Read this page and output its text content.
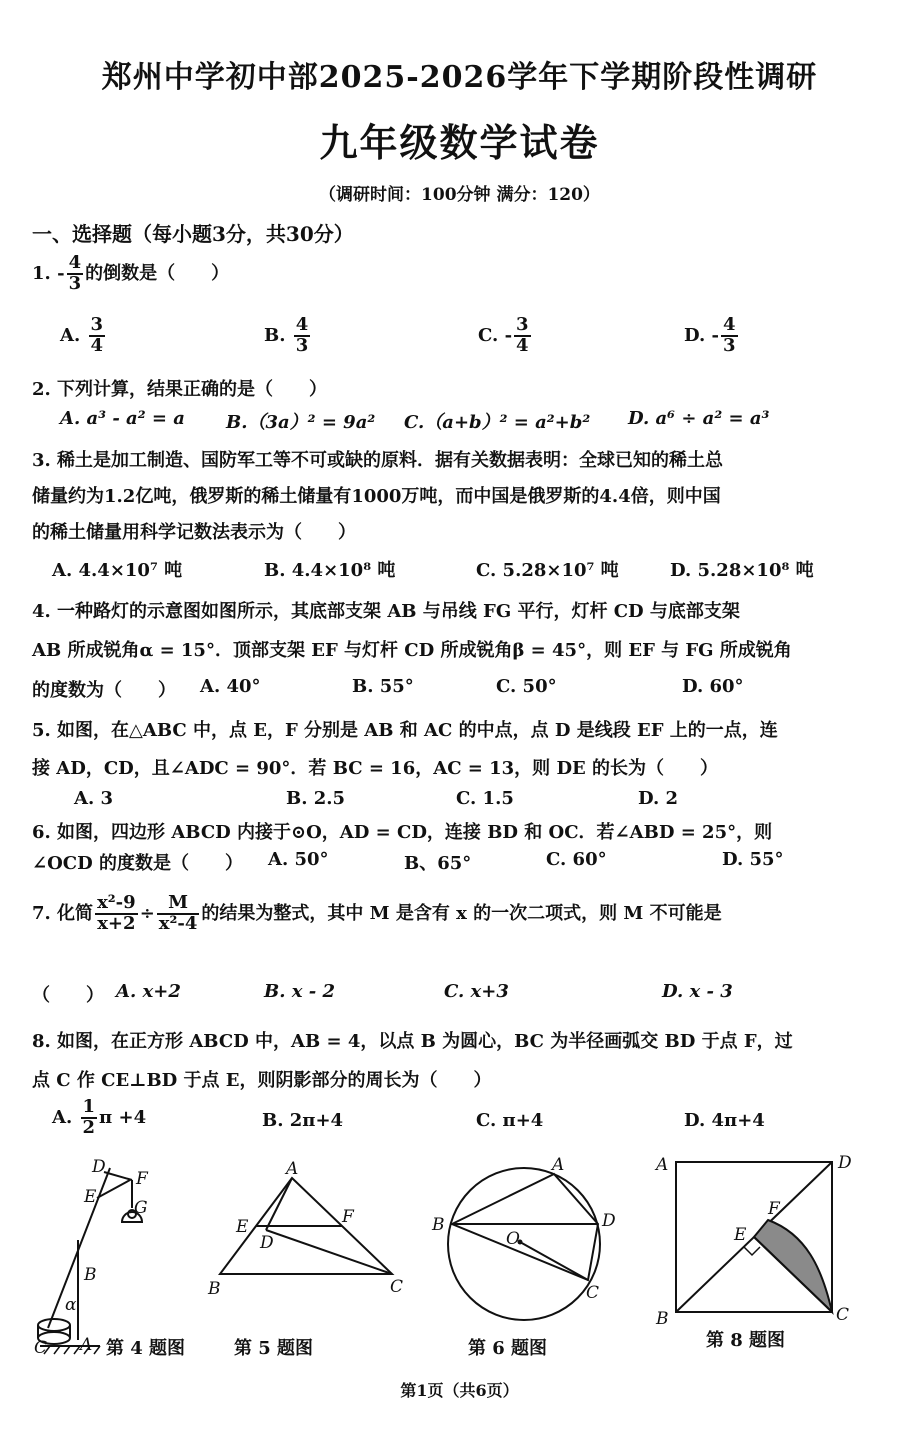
郑州中学初中部2025-2026学年下学期阶段性调研
九年级数学试卷
（调研时间：100分钟 满分：120）
一、选择题（每小题3分，共30分）
1. - $\frac{4}{3}$ 的倒数是（　　）
A. $\frac{3}{4}$	B. $\frac{4}{3}$	C. - $\frac{3}{4}$	D. - $\frac{4}{3}$
2. 下列计算，结果正确的是（　　）
A. a³ - a² = a B.（3a）² = 9a² C.（a+b）² = a²+b² D. a⁶ ÷ a² = a³
3. 稀土是加工制造、国防军工等不可或缺的原料．据有关数据表明：全球已知的稀土总
储量约为1.2亿吨，俄罗斯的稀土储量有1000万吨，而中国是俄罗斯的4.4倍，则中国
的稀土储量用科学记数法表示为（　　）
A. 4.4×10⁷ 吨	B. 4.4×10⁸ 吨	C. 5.28×10⁷ 吨	D. 5.28×10⁸ 吨
4. 一种路灯的示意图如图所示，其底部支架 AB 与吊线 FG 平行，灯杆 CD 与底部支架
AB 所成锐角α = 15°．顶部支架 EF 与灯杆 CD 所成锐角β = 45°，则 EF 与 FG 所成锐角
的度数为（　　） A. 40°	B. 55°	C. 50°	D. 60°
5. 如图，在△ABC 中，点 E，F 分别是 AB 和 AC 的中点，点 D 是线段 EF 上的一点，连
接 AD，CD，且∠ADC = 90°．若 BC = 16，AC = 13，则 DE 的长为（　　）
A. 3	B. 2.5	C. 1.5	D. 2
6. 如图，四边形 ABCD 内接于⊙O，AD = CD，连接 BD 和 OC．若∠ABD = 25°，则
∠OCD 的度数是（　　） A. 50°	B、65°	C. 60°	D. 55°
7. 化简 $\frac{\text{x²-9}}{x+2} \div \frac{M}{\text{x²-4}}$ 的结果为整式，其中 M 是含有 x 的一次二项式，则 M 不可能是
（　　） A. x+2	B. x - 2	C. x+3	D. x - 3
8. 如图，在正方形 ABCD 中，AB = 4，以点 B 为圆心，BC 为半径画弧交 BD 于点 F，过
点 C 作 CE⊥BD 于点 E，则阴影部分的周长为（　　）
A. $\frac{1}{2}$ π +4	B. 2π+4	C. π+4	D. 4π+4
D
E
F
G
B
α
C A 第 4 题图
A
E	F
D
B	C
第 5 题图
A
B	D
O
C
第 6 题图
A	D
F
E
B	C
第 8 题图
第1页（共6页）
